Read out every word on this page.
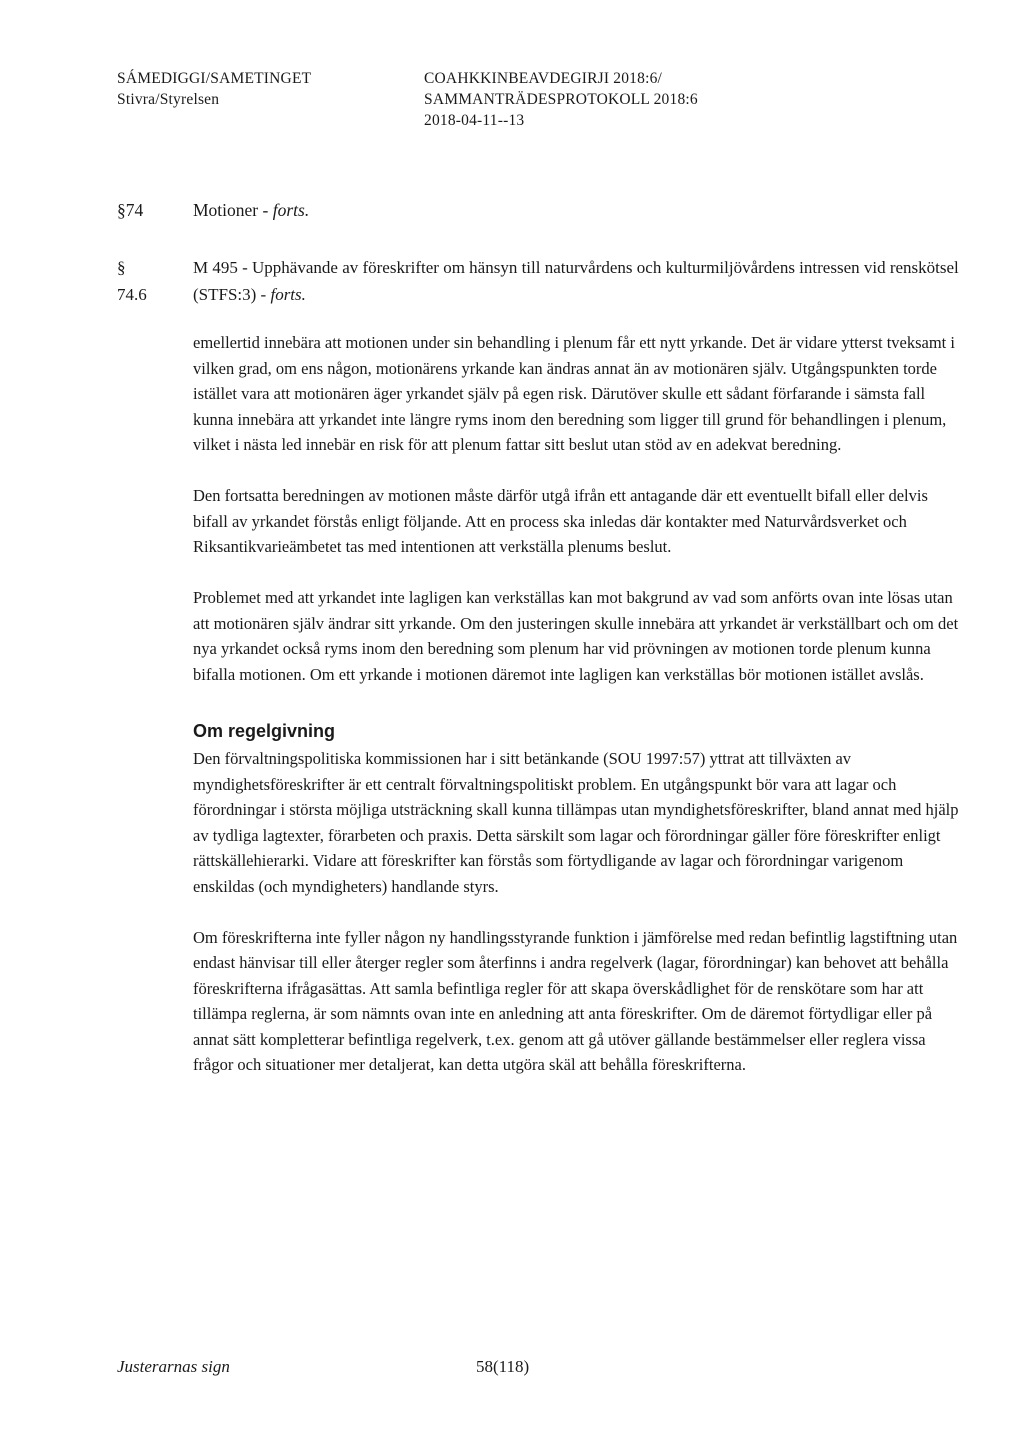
SÁMEDIGGI/SAMETINGET
Stivra/Styrelsen
COAHKKINBEAVDEGIRJI 2018:6/
SAMMANTRÄDESPROTOKOLL 2018:6
2018-04-11--13
§74	Motioner - forts.
§ 74.6
M 495 - Upphävande av föreskrifter om hänsyn till naturvårdens och kulturmiljövårdens intressen vid renskötsel (STFS:3) - forts.

emellertid innebära att motionen under sin behandling i plenum får ett nytt yrkande. Det är vidare ytterst tveksamt i vilken grad, om ens någon, motionärens yrkande kan ändras annat än av motionären själv. Utgångspunkten torde istället vara att motionären äger yrkandet själv på egen risk. Därutöver skulle ett sådant förfarande i sämsta fall kunna innebära att yrkandet inte längre ryms inom den beredning som ligger till grund för behandlingen i plenum, vilket i nästa led innebär en risk för att plenum fattar sitt beslut utan stöd av en adekvat beredning.

Den fortsatta beredningen av motionen måste därför utgå ifrån ett antagande där ett eventuellt bifall eller delvis bifall av yrkandet förstås enligt följande. Att en process ska inledas där kontakter med Naturvårdsverket och Riksantikvarieämbetet tas med intentionen att verkställa plenums beslut.

Problemet med att yrkandet inte lagligen kan verkställas kan mot bakgrund av vad som anförts ovan inte lösas utan att motionären själv ändrar sitt yrkande. Om den justeringen skulle innebära att yrkandet är verkställbart och om det nya yrkandet också ryms inom den beredning som plenum har vid prövningen av motionen torde plenum kunna bifalla motionen. Om ett yrkande i motionen däremot inte lagligen kan verkställas bör motionen istället avslås.

Om regelgivning

Den förvaltningspolitiska kommissionen har i sitt betänkande (SOU 1997:57) yttrat att tillväxten av myndighetsföreskrifter är ett centralt förvaltningspolitiskt problem. En utgångspunkt bör vara att lagar och förordningar i största möjliga utsträckning skall kunna tillämpas utan myndighetsföreskrifter, bland annat med hjälp av tydliga lagtexter, förarbeten och praxis. Detta särskilt som lagar och förordningar gäller före föreskrifter enligt rättskällehierarki. Vidare att föreskrifter kan förstås som förtydligande av lagar och förordningar varigenom enskildas (och myndigheters) handlande styrs.

Om föreskrifterna inte fyller någon ny handlingsstyrande funktion i jämförelse med redan befintlig lagstiftning utan endast hänvisar till eller återger regler som återfinns i andra regelverk (lagar, förordningar) kan behovet att behålla föreskrifterna ifrågasättas. Att samla befintliga regler för att skapa överskådlighet för de renskötare som har att tillämpa reglerna, är som nämnts ovan inte en anledning att anta föreskrifter. Om de däremot förtydligar eller på annat sätt kompletterar befintliga regelverk, t.ex. genom att gå utöver gällande bestämmelser eller reglera vissa frågor och situationer mer detaljerat, kan detta utgöra skäl att behålla föreskrifterna.

Justerarnas sign	58(118)
